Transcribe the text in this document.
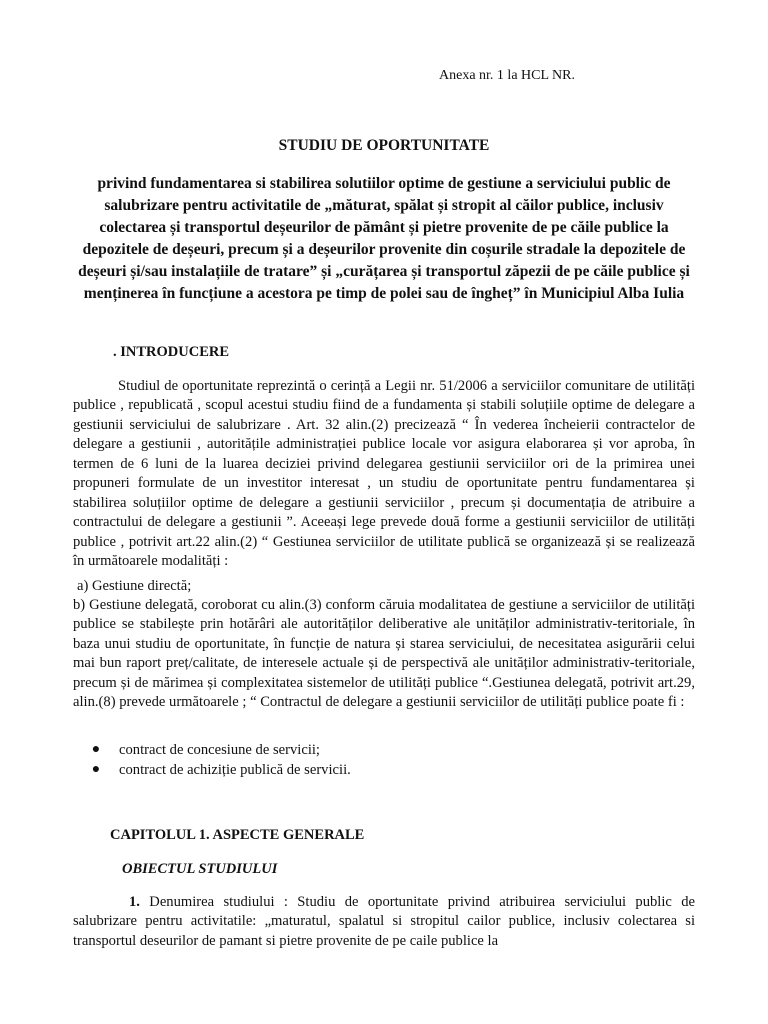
Anexa nr. 1 la HCL NR.
STUDIU DE OPORTUNITATE
privind fundamentarea si stabilirea solutiilor optime de gestiune a serviciului public de salubrizare pentru activitatile de „măturat, spălat și stropit al căilor publice, inclusiv colectarea și transportul deșeurilor de pământ și pietre provenite de pe căile publice la depozitele de deșeuri, precum și a deșeurilor provenite din coșurile stradale la depozitele de deșeuri și/sau instalațiile de tratare” și „curățarea și transportul zăpezii de pe căile publice și menținerea în funcțiune a acestora pe timp de polei sau de îngheț” în Municipiul Alba Iulia
. INTRODUCERE
Studiul de oportunitate reprezintă o cerință a Legii nr. 51/2006 a serviciilor comunitare de utilități publice , republicată , scopul acestui studiu fiind de a fundamenta și stabili soluțiile optime de delegare a gestiunii serviciului de salubrizare . Art. 32 alin.(2) precizează “ În vederea încheierii contractelor de delegare a gestiunii , autoritățile administrației publice locale vor asigura elaborarea și vor aproba, în termen de 6 luni de la luarea deciziei privind delegarea gestiunii serviciilor ori de la primirea unei propuneri formulate de un investitor interesat , un studiu de oportunitate pentru fundamentarea și stabilirea soluțiilor optime de delegare a gestiunii serviciilor , precum și documentația de atribuire a contractului de delegare a gestiunii ”. Aceeași lege prevede două forme a gestiunii serviciilor de utilități publice , potrivit art.22 alin.(2) “ Gestiunea serviciilor de utilitate publică se organizează și se realizează în următoarele modalități :
a) Gestiune directă;
b) Gestiune delegată, coroborat cu alin.(3) conform căruia modalitatea de gestiune a serviciilor de utilități publice se stabilește prin hotărâri ale autorităților deliberative ale unităților administrativ-teritoriale, în baza unui studiu de oportunitate, în funcție de natura și starea serviciului, de necesitatea asigurării celui mai bun raport preț/calitate, de interesele actuale și de perspectivă ale unităților administrativ-teritoriale, precum și de mărimea și complexitatea sistemelor de utilități publice “.Gestiunea delegată, potrivit art.29, alin.(8) prevede următoarele ; “ Contractul de delegare a gestiunii serviciilor de utilități publice poate fi :
●	contract de concesiune de servicii;
●	contract de achiziție publică de servicii.
CAPITOLUL 1. ASPECTE GENERALE
OBIECTUL STUDIULUI
1. Denumirea studiului : Studiu de oportunitate privind atribuirea serviciului public de salubrizare pentru activitatile: „maturatul, spalatul si stropitul cailor publice, inclusiv colectarea si transportul deseurilor de pamant si pietre provenite de pe caile publice la
